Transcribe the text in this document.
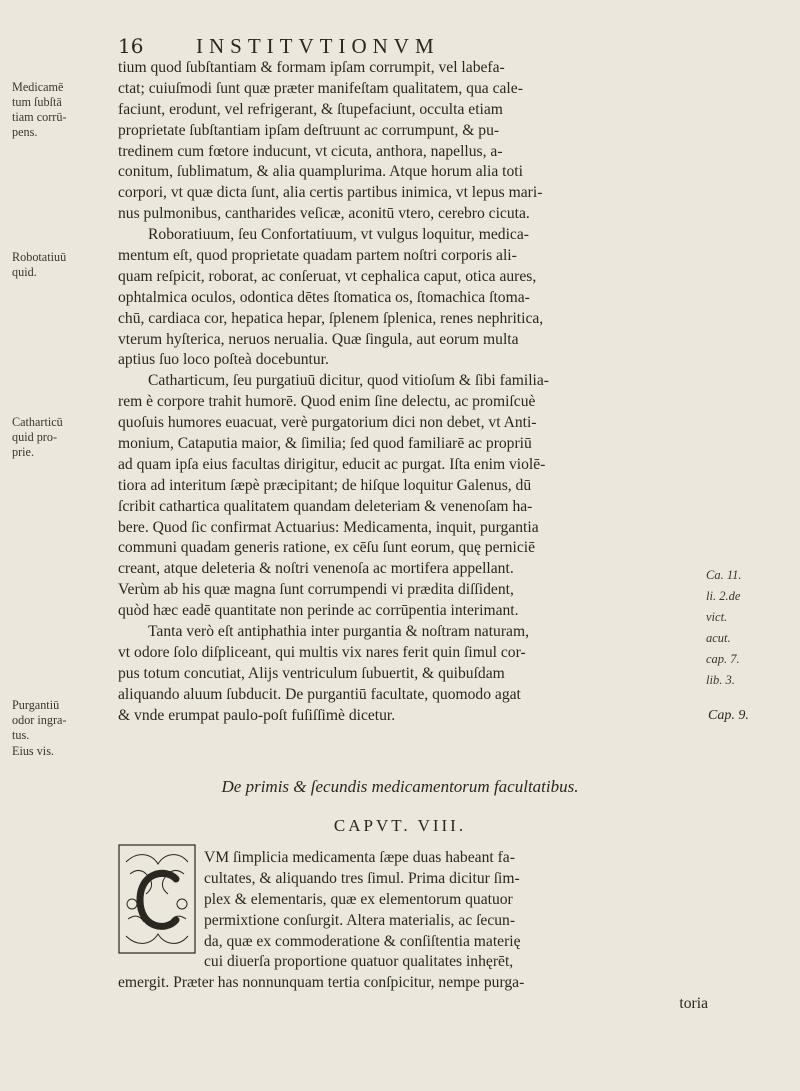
16	INSTITVTIONVM
Medicamē
tum ſubſtā
tiam corrū-
pens.
Robotatiuū
quid.
Catharticū
quid pro-
prie.
Purgantiū
odor ingra-
tus.
Eius vis.
Ca. 11.
li. 2.de
vict.
acut.
cap. 7.
lib. 3.
tium quod ſubſtantiam & formam ipſam corrumpit, vel labefa-
ctat; cuiuſmodi ſunt quæ præter manifeſtam qualitatem, qua cale-
faciunt, erodunt, vel refrigerant, & ſtupefaciunt, occulta etiam
proprietate ſubſtantiam ipſam deſtruunt ac corrumpunt, & pu-
tredinem cum fœtore inducunt, vt cicuta, anthora, napellus, a-
conitum, ſublimatum, & alia quamplurima. Atque horum alia toti
corpori, vt quæ dicta ſunt, alia certis partibus inimica, vt lepus mari-
nus pulmonibus, cantharides veſicæ, aconitū vtero, cerebro cicuta.
Roboratiuum, ſeu Confortatiuum, vt vulgus loquitur, medica-
mentum eſt, quod proprietate quadam partem noſtri corporis ali-
quam reſpicit, roborat, ac conſeruat, vt cephalica caput, otica aures,
ophtalmica oculos, odontica dētes ſtomatica os, ſtomachica ſtoma-
chū, cardiaca cor, hepatica hepar, ſplenem ſplenica, renes nephritica,
vterum hyſterica, neruos nerualia. Quæ ſingula, aut eorum multa
aptius ſuo loco poſteà docebuntur.
Catharticum, ſeu purgatiuū dicitur, quod vitioſum & ſibi familia-
rem è corpore trahit humorē. Quod enim ſine delectu, ac promiſcuè
quoſuis humores euacuat, verè purgatorium dici non debet, vt Anti-
monium, Cataputia maior, & ſimilia; ſed quod familiarē ac propriū
ad quam ipſa eius facultas dirigitur, educit ac purgat. Iſta enim violē-
tiora ad interitum ſæpè præcipitant; de hiſque loquitur Galenus, dū
ſcribit cathartica qualitatem quandam deleteriam & venenoſam ha-
bere. Quod ſic confirmat Actuarius: Medicamenta, inquit, purgantia
communi quadam generis ratione, ex cēſu ſunt eorum, quę perniciē
creant, atque deleteria & noſtri venenoſa ac mortifera appellant.
Verùm ab his quæ magna ſunt corrumpendi vi prædita diſſident,
quòd hæc eadē quantitate non perinde ac corrūpentia interimant.
Tanta verò eſt antiphathia inter purgantia & noſtram naturam,
vt odore ſolo diſpliceant, qui multis vix nares ferit quin ſimul cor-
pus totum concutiat, Alijs ventriculum ſubuertit, & quibuſdam
aliquando aluum ſubducit. De purgantiū facultate, quomodo agat
& vnde erumpat paulo-poſt fuſiſſimè dicetur.	Cap. 9.
De primis & ſecundis medicamentorum facultatibus.
CAPVT. VIII.
VM ſimplicia medicamenta ſæpe duas habeant fa-
cultates, & aliquando tres ſimul. Prima dicitur ſim-
plex & elementaris, quæ ex elementorum quatuor
permixtione conſurgit. Altera materialis, ac ſecun-
da, quæ ex commoderatione & conſiſtentia materię
cui diuerſa proportione quatuor qualitates inhęrēt,
emergit. Præter has nonnunquam tertia conſpicitur, nempe purga-
toria
